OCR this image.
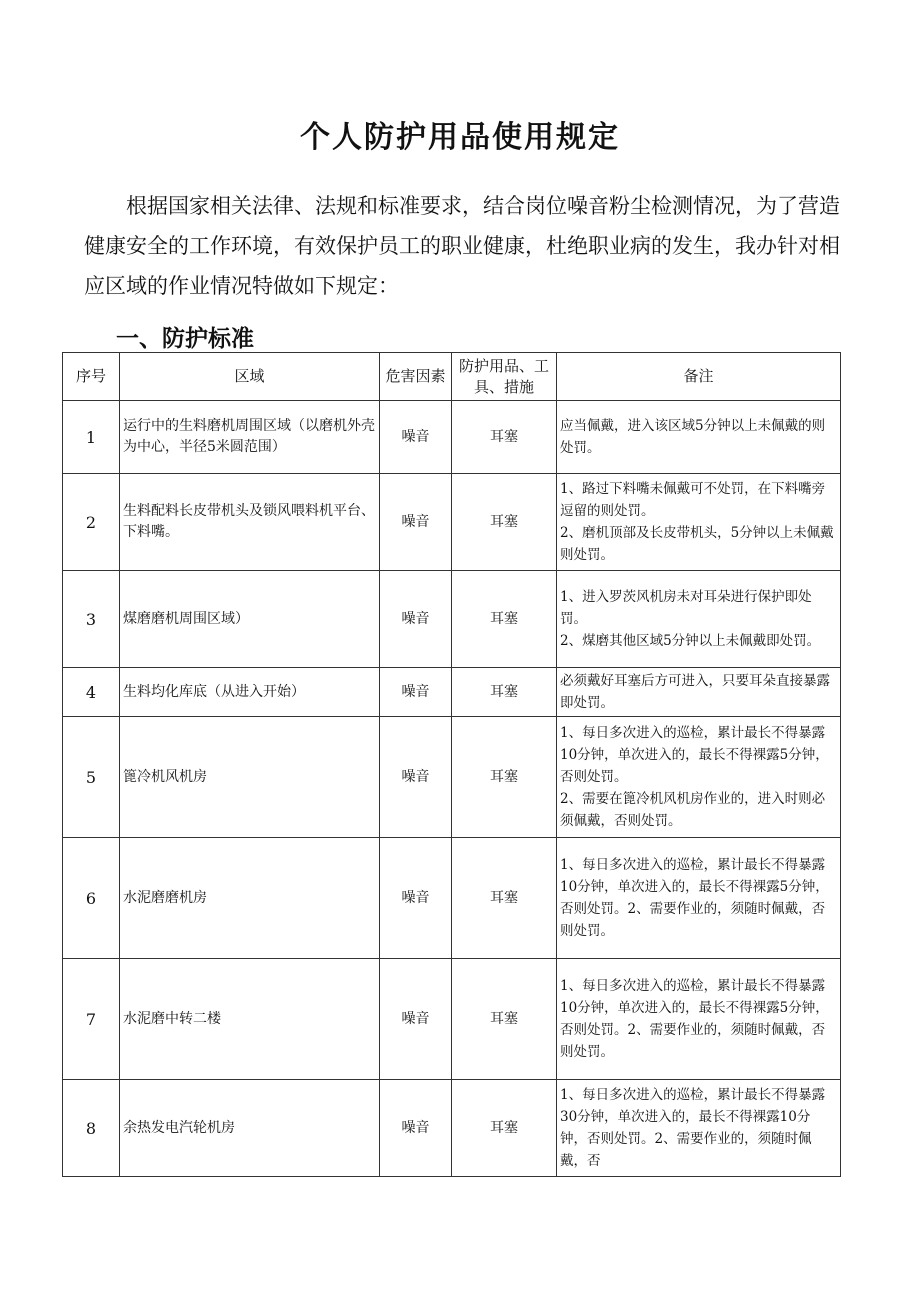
个人防护用品使用规定

根据国家相关法律、法规和标准要求，结合岗位噪音粉尘检测情况，为了营造健康安全的工作环境，有效保护员工的职业健康，杜绝职业病的发生，我办针对相应区域的作业情况特做如下规定：

一、防护标准
序号	区域	危害因素	防护用品、工具、措施	备注
1	运行中的生料磨机周围区域（以磨机外壳为中心，半径5米圆范围）	噪音	耳塞	应当佩戴，进入该区域5分钟以上未佩戴的则处罚。

2	生料配料长皮带机头及锁风喂料机平台、下料嘴。	噪音	耳塞	1、路过下料嘴未佩戴可不处罚，在下料嘴旁逗留的则处罚。
2、磨机顶部及长皮带机头，5分钟以上未佩戴则处罚。

3	煤磨磨机周围区域）	噪音	耳塞	1、进入罗茨风机房未对耳朵进行保护即处罚。
2、煤磨其他区域5分钟以上未佩戴即处罚。

4	生料均化库底（从进入开始）	噪音	耳塞	必须戴好耳塞后方可进入，只要耳朵直接暴露即处罚。

5	篦冷机风机房	噪音	耳塞	1、每日多次进入的巡检，累计最长不得暴露10分钟，单次进入的，最长不得裸露5分钟，否则处罚。
2、需要在篦冷机风机房作业的，进入时则必须佩戴，否则处罚。

6	水泥磨磨机房	噪音	耳塞	1、每日多次进入的巡检，累计最长不得暴露10分钟，单次进入的，最长不得裸露5分钟，否则处罚。2、需要作业的，须随时佩戴，否则处罚。

7	水泥磨中转二楼	噪音	耳塞	1、每日多次进入的巡检，累计最长不得暴露10分钟，单次进入的，最长不得裸露5分钟，否则处罚。2、需要作业的，须随时佩戴，否则处罚。

8	余热发电汽轮机房	噪音	耳塞	1、每日多次进入的巡检，累计最长不得暴露30分钟，单次进入的，最长不得裸露10分钟，否则处罚。2、需要作业的，须随时佩戴，否
